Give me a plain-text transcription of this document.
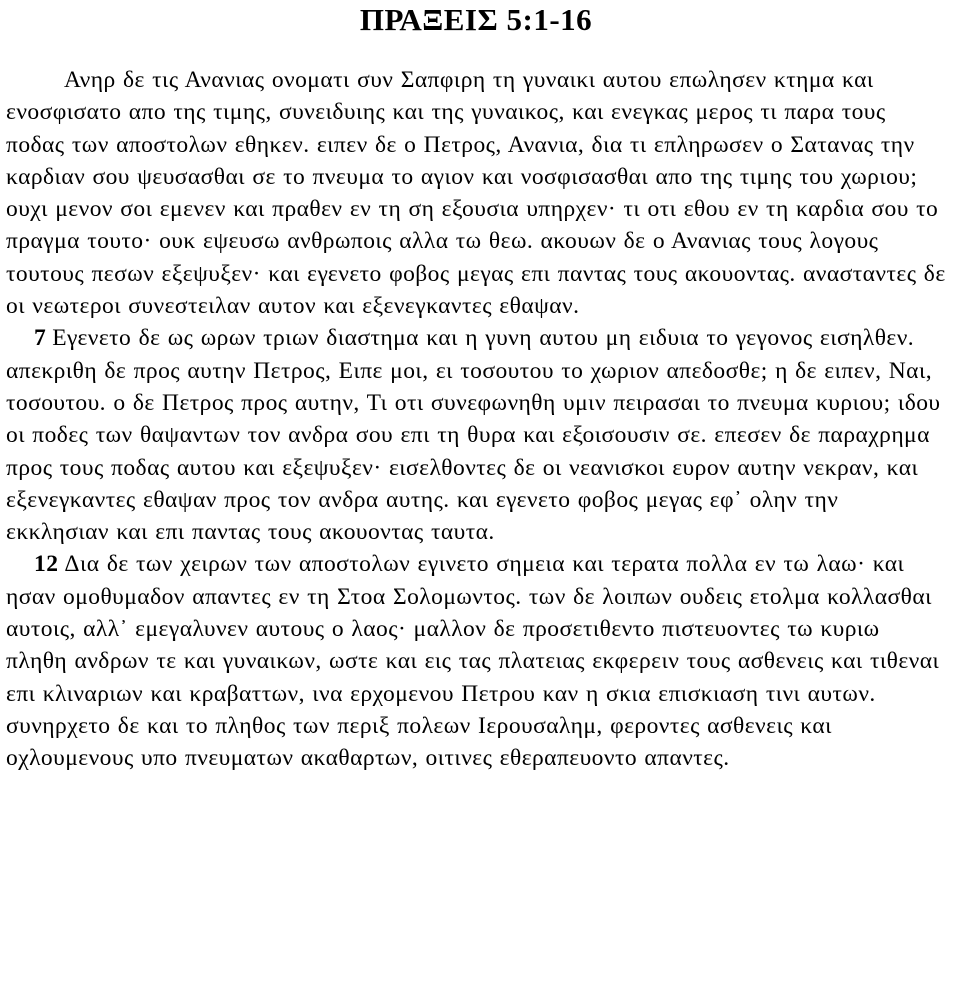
ΠΡΑΞΕΙΣ 5:1-16

Ανηρ δε τις Ανανιας ονοματι συν Σαπφιρη τη γυναικι αυτου επωλησεν κτημα και ενοσφισατο απο της τιμης, συνειδυιης και της γυναικος, και ενεγκας μερος τι παρα τους ποδας των αποστολων εθηκεν. ειπεν δε ο Πετρος, Ανανια, δια τι επληρωσεν ο Σατανας την καρδιαν σου ψευσασθαι σε το πνευμα το αγιον και νοσφισασθαι απο της τιμης του χωριου; ουχι μενον σοι εμενεν και πραθεν εν τη ση εξουσια υπηρχεν· τι οτι εθου εν τη καρδια σου το πραγμα τουτο· ουκ εψευσω ανθρωποις αλλα τω θεω. ακουων δε ο Ανανιας τους λογους τουτους πεσων εξεψυξεν· και εγενετο φοβος μεγας επι παντας τους ακουοντας. ανασταντες δε οι νεωτεροι συνεστειλαν αυτον και εξενεγκαντες εθαψαν.

7 Εγενετο δε ως ωρων τριων διαστημα και η γυνη αυτου μη ειδυια το γεγονος εισηλθεν. απεκριθη δε προς αυτην Πετρος, Ειπε μοι, ει τοσουτου το χωριον απεδοσθε; η δε ειπεν, Ναι, τοσουτου. ο δε Πετρος προς αυτην, Τι οτι συνεφωνηθη υμιν πειρασαι το πνευμα κυριου; ιδου οι ποδες των θαψαντων τον ανδρα σου επι τη θυρα και εξοισουσιν σε. επεσεν δε παραχρημα προς τους ποδας αυτου και εξεψυξεν· εισελθοντες δε οι νεανισκοι ευρον αυτην νεκραν, και εξενεγκαντες εθαψαν προς τον ανδρα αυτης. και εγενετο φοβος μεγας εφ᾽ ολην την εκκλησιαν και επι παντας τους ακουοντας ταυτα.

12 Δια δε των χειρων των αποστολων εγινετο σημεια και τερατα πολλα εν τω λαω· και ησαν ομοθυμαδον απαντες εν τη Στοα Σολομωντος. των δε λοιπων ουδεις ετολμα κολλασθαι αυτοις, αλλ᾽ εμεγαλυνεν αυτους ο λαος· μαλλον δε προσετιθεντο πιστευοντες τω κυριω πληθη ανδρων τε και γυναικων, ωστε και εις τας πλατειας εκφερειν τους ασθενεις και τιθεναι επι κλιναριων και κραβαττων, ινα ερχομενου Πετρου καν η σκια επισκιαση τινι αυτων. συνηρχετο δε και το πληθος των περιξ πολεων Ιερουσαλημ, φεροντες ασθενεις και οχλουμενους υπο πνευματων ακαθαρτων, οιτινες εθεραπευοντο απαντες.
